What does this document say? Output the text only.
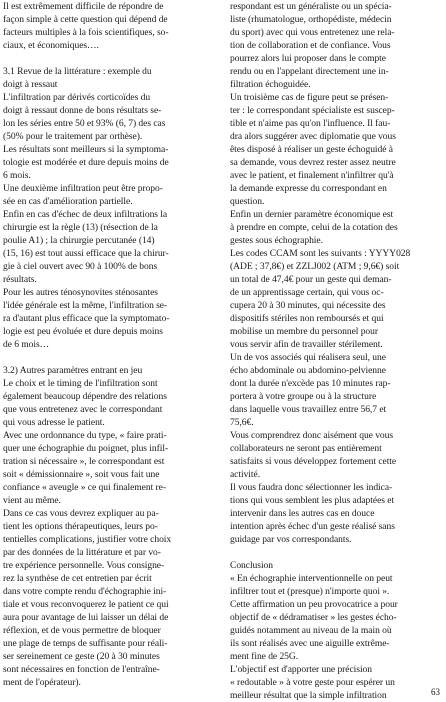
Il est extrêmement difficile de répondre de
façon simple à cette question qui dépend de
facteurs multiples à la fois scientifiques, so-
ciaux, et économiques….
3.1 Revue de la littérature : exemple du
doigt à ressaut
L'infiltration par dérivés corticoïdes du
doigt à ressaut donne de bons résultats se-
lon les séries entre 50 et 93% (6, 7) des cas
(50% pour le traitement par orthèse).
Les résultats sont meilleurs si la symptoma-
tologie est modérée et dure depuis moins de
6 mois.
Une deuxième infiltration peut être propo-
sée en cas d'amélioration partielle.
Enfin en cas d'échec de deux infiltrations la
chirurgie est la règle (13) (résection de la
poulie A1) ; la chirurgie percutanée (14)
(15, 16) est tout aussi efficace que la chirur-
gie à ciel ouvert avec 90 à 100% de bons
résultats.
Pour les autres ténosynovites sténosantes
l'idée générale est la même, l'infiltration se-
ra d'autant plus efficace que la symptomato-
logie est peu évoluée et dure depuis moins
de 6 mois…
3.2) Autres paramètres entrant en jeu
Le choix et le timing de l'infiltration sont
également beaucoup dépendre des relations
que vous entretenez avec le correspondant
qui vous adresse le patient.
Avec une ordonnance du type, « faire prati-
quer une échographie du poignet, plus infil-
tration si nécessaire », le correspondant est
soit « démissionnaire », soit vous fait une
confiance « aveugle » ce qui finalement re-
vient au même.
Dans ce cas vous devrez expliquer au pa-
tient les options thérapeutiques, leurs po-
tentielles complications, justifier votre choix
par des données de la littérature et par vo-
tre expérience personnelle. Vous consigne-
rez la synthèse de cet entretien par écrit
dans votre compte rendu d'échographie ini-
tiale et vous reconvoquerez le patient ce qui
aura pour avantage de lui laisser un délai de
réflexion, et de vous permettre de bloquer
une plage de temps de suffisante pour réali-
ser sereinement ce geste (20 à 30 minutes
sont nécessaires en fonction de l'entraîne-
ment de l'opérateur).
respondant est un généraliste ou un spécia-
liste (rhumatologue, orthopédiste, médecin
du sport) avec qui vous entretenez une rela-
tion de collaboration et de confiance. Vous
pourrez alors lui proposer dans le compte
rendu ou en l'appelant directement une in-
filtration échoguidée.
Un troisième cas de figure peut se présen-
ter : le correspondant spécialiste est suscep-
tible et n'aime pas qu'on l'influence. Il fau-
dra alors suggérer avec diplomatie que vous
êtes disposé à réaliser un geste échoguidé à
sa demande, vous devrez rester assez neutre
avec le patient, et finalement n'infiltrer qu'à
la demande expresse du correspondant en
question.
Enfin un dernier paramètre économique est
à prendre en compte, celui de la cotation des
gestes sous échographie.
Les codes CCAM sont les suivants : YYYY028
(ADE ; 37,8€) et ZZLJ002 (ATM ; 9,6€) soit
un total de 47,4€ pour un geste qui deman-
de un apprentissage certain, qui vous oc-
cupera 20 à 30 minutes, qui nécessite des
dispositifs stériles non remboursés et qui
mobilise un membre du personnel pour
vous servir afin de travailler stérilement.
Un de vos associés qui réalisera seul, une
écho abdominale ou abdomino-pelvienne
dont la durée n'excède pas 10 minutes rap-
portera à votre groupe ou à la structure
dans laquelle vous travaillez entre 56,7 et
75,6€.
Vous comprendrez donc aisément que vous
collaborateurs ne seront pas entièrement
satisfaits si vous développez fortement cette
activité.
Il vous faudra donc sélectionner les indica-
tions qui vous semblent les plus adaptées et
intervenir dans les autres cas en douce
intention après échec d'un geste réalisé sans
guidage par vos correspondants.
Conclusion
« En échographie interventionnelle on peut
infiltrer tout et (presque) n'importe quoi ».
Cette affirmation un peu provocatrice a pour
objectif de « dédramatiser » les gestes écho-
guidés notamment au niveau de la main où
ils sont réalisés avec une aiguille extrême-
ment fine de 25G.
L'objectif est d'apporter une précision
« redoutable » à votre geste pour espérer un
meilleur résultat que la simple infiltration	63
